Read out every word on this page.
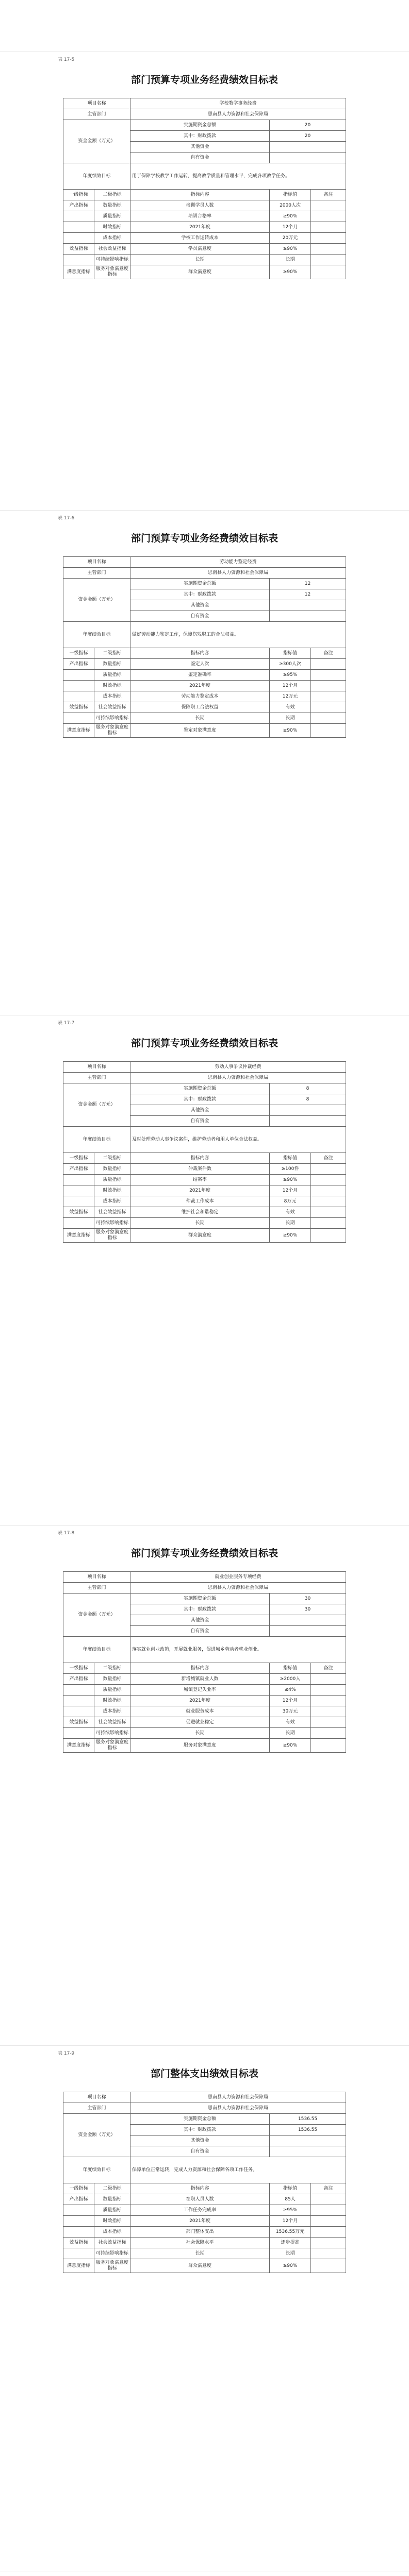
表 17-5
部门预算专项业务经费绩效目标表
项目名称		学校教学事务经费		
主管部门		思南县人力资源和社会保障局		
资金金额（万元）		实施期资金总额	20	
		其中：财政拨款	20	
		其他资金		
		自有资金		
年度绩效目标		用于保障学校教学工作运转，提高教学质量和管理水平，完成各项教学任务。		
一级指标	二级指标	指标内容	指标值	备注
产出指标	数量指标	培训学员人数	2000人次	
	质量指标	培训合格率	≥90%	
	时效指标	2021年度	12个月	
	成本指标	学校工作运转成本	20万元	
效益指标	社会效益指标	学员满意度	≥90%	
	可持续影响指标	长期	长期	
满意度指标	服务对象满意度指标	群众满意度	≥90%	
表 17-6
部门预算专项业务经费绩效目标表
项目名称		劳动能力鉴定经费		
主管部门		思南县人力资源和社会保障局		
资金金额（万元）		实施期资金总额	12	
		其中：财政拨款	12	
		其他资金		
		自有资金		
年度绩效目标		做好劳动能力鉴定工作，保障伤残职工的合法权益。		
一级指标	二级指标	指标内容	指标值	备注
产出指标	数量指标	鉴定人次	≥300人次	
	质量指标	鉴定准确率	≥95%	
	时效指标	2021年度	12个月	
	成本指标	劳动能力鉴定成本	12万元	
效益指标	社会效益指标	保障职工合法权益	有效	
	可持续影响指标	长期	长期	
满意度指标	服务对象满意度指标	鉴定对象满意度	≥90%	
表 17-7
部门预算专项业务经费绩效目标表
项目名称		劳动人事争议仲裁经费		
主管部门		思南县人力资源和社会保障局		
资金金额（万元）		实施期资金总额	8	
		其中：财政拨款	8	
		其他资金		
		自有资金		
年度绩效目标		及时处理劳动人事争议案件，维护劳动者和用人单位合法权益。		
一级指标	二级指标	指标内容	指标值	备注
产出指标	数量指标	仲裁案件数	≥100件	
	质量指标	结案率	≥90%	
	时效指标	2021年度	12个月	
	成本指标	仲裁工作成本	8万元	
效益指标	社会效益指标	维护社会和谐稳定	有效	
	可持续影响指标	长期	长期	
满意度指标	服务对象满意度指标	群众满意度	≥90%	
表 17-8
部门预算专项业务经费绩效目标表
项目名称		就业创业服务专项经费		
主管部门		思南县人力资源和社会保障局		
资金金额（万元）		实施期资金总额	30	
		其中：财政拨款	30	
		其他资金		
		自有资金		
年度绩效目标		落实就业创业政策，开展就业服务，促进城乡劳动者就业创业。		
一级指标	二级指标	指标内容	指标值	备注
产出指标	数量指标	新增城镇就业人数	≥2000人	
	质量指标	城镇登记失业率	≤4%	
	时效指标	2021年度	12个月	
	成本指标	就业服务成本	30万元	
效益指标	社会效益指标	促进就业稳定	有效	
	可持续影响指标	长期	长期	
满意度指标	服务对象满意度指标	服务对象满意度	≥90%	
表 17-9
部门整体支出绩效目标表
项目名称		思南县人力资源和社会保障局		
主管部门		思南县人力资源和社会保障局		
资金金额（万元）		实施期资金总额	1536.55	
		其中：财政拨款	1536.55	
		其他资金		
		自有资金		
年度绩效目标		保障单位正常运转，完成人力资源和社会保障各项工作任务。		
一级指标	二级指标	指标内容	指标值	备注
产出指标	数量指标	在职人员人数	85人	
	质量指标	工作任务完成率	≥95%	
	时效指标	2021年度	12个月	
	成本指标	部门整体支出	1536.55万元	
效益指标	社会效益指标	社会保障水平	逐步提高	
	可持续影响指标	长期	长期	
满意度指标	服务对象满意度指标	群众满意度	≥90%	
